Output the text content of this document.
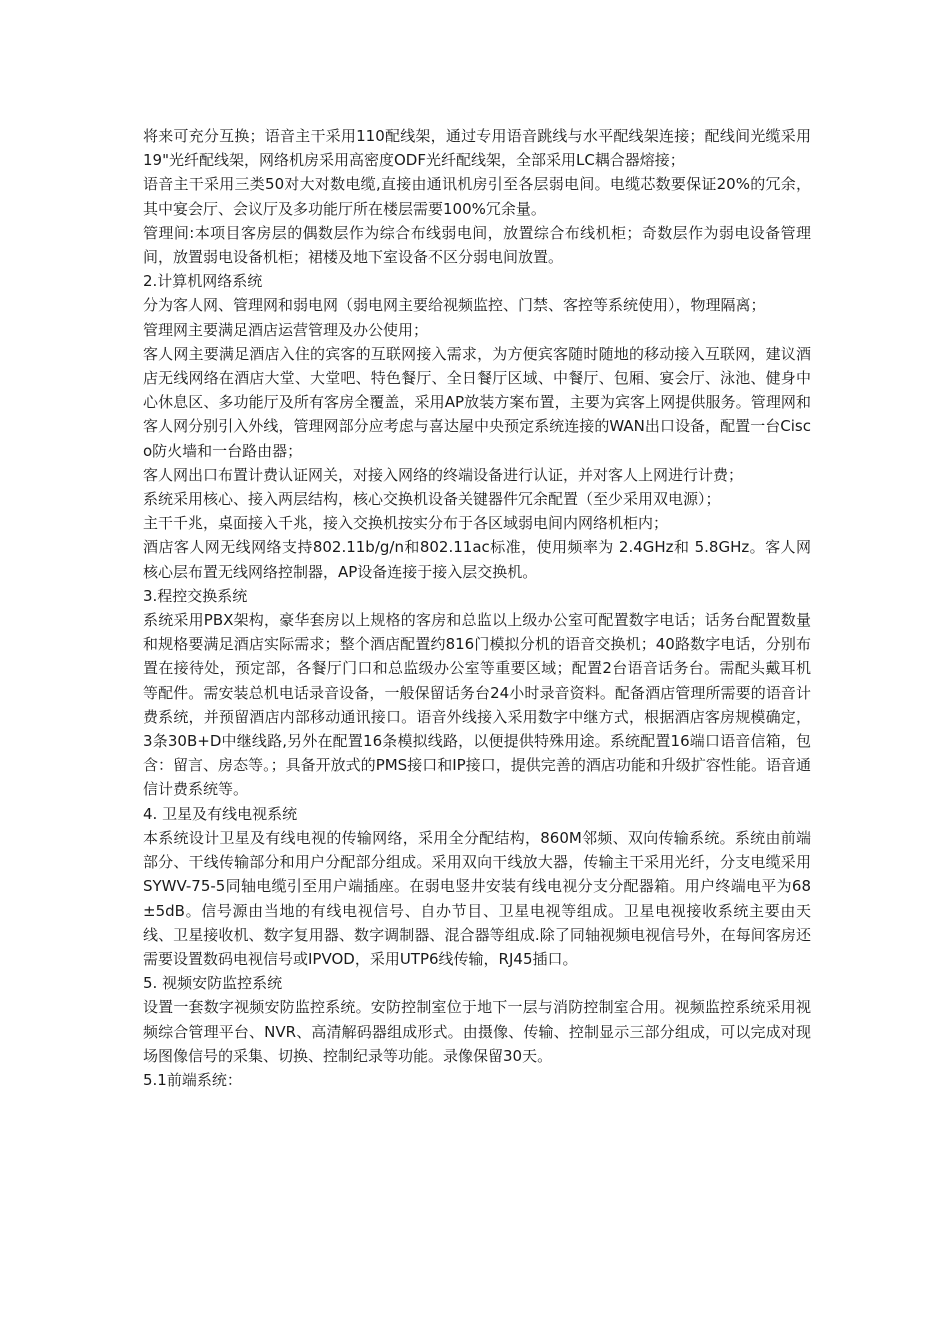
将来可充分互换；语音主干采用110配线架，通过专用语音跳线与水平配线架连接；配线间光缆采用19"光纤配线架，网络机房采用高密度ODF光纤配线架，全部采用LC耦合器熔接；

语音主干采用三类50对大对数电缆,直接由通讯机房引至各层弱电间。电缆芯数要保证20%的冗余，其中宴会厅、会议厅及多功能厅所在楼层需要100%冗余量。

管理间:本项目客房层的偶数层作为综合布线弱电间，放置综合布线机柜；奇数层作为弱电设备管理间，放置弱电设备机柜；裙楼及地下室设备不区分弱电间放置。

2.计算机网络系统

分为客人网、管理网和弱电网（弱电网主要给视频监控、门禁、客控等系统使用），物理隔离；

管理网主要满足酒店运营管理及办公使用；

客人网主要满足酒店入住的宾客的互联网接入需求，为方便宾客随时随地的移动接入互联网，建议酒店无线网络在酒店大堂、大堂吧、特色餐厅、全日餐厅区域、中餐厅、包厢、宴会厅、泳池、健身中心休息区、多功能厅及所有客房全覆盖，采用AP放装方案布置，主要为宾客上网提供服务。管理网和客人网分别引入外线，管理网部分应考虑与喜达屋中央预定系统连接的WAN出口设备，配置一台Cisco防火墙和一台路由器；

客人网出口布置计费认证网关，对接入网络的终端设备进行认证，并对客人上网进行计费；

系统采用核心、接入两层结构，核心交换机设备关键器件冗余配置（至少采用双电源）；

主干千兆，桌面接入千兆，接入交换机按实分布于各区域弱电间内网络机柜内；

酒店客人网无线网络支持802.11b/g/n和802.11ac标准，使用频率为 2.4GHz和 5.8GHz。客人网核心层布置无线网络控制器，AP设备连接于接入层交换机。

3.程控交换系统

系统采用PBX架构，豪华套房以上规格的客房和总监以上级办公室可配置数字电话；话务台配置数量和规格要满足酒店实际需求；整个酒店配置约816门模拟分机的语音交换机；40路数字电话，分别布置在接待处，预定部，各餐厅门口和总监级办公室等重要区域；配置2台语音话务台。需配头戴耳机等配件。需安装总机电话录音设备，一般保留话务台24小时录音资料。配备酒店管理所需要的语音计费系统，并预留酒店内部移动通讯接口。语音外线接入采用数字中继方式，根据酒店客房规模确定，3条30B+D中继线路,另外在配置16条模拟线路，以便提供特殊用途。系统配置16端口语音信箱，包含：留言、房态等。；具备开放式的PMS接口和IP接口，提供完善的酒店功能和升级扩容性能。语音通信计费系统等。

4. 卫星及有线电视系统

本系统设计卫星及有线电视的传输网络，采用全分配结构，860M邻频、双向传输系统。系统由前端部分、干线传输部分和用户分配部分组成。采用双向干线放大器，传输主干采用光纤，分支电缆采用SYWV-75-5同轴电缆引至用户端插座。在弱电竖井安装有线电视分支分配器箱。用户终端电平为68±5dB。信号源由当地的有线电视信号、自办节目、卫星电视等组成。卫星电视接收系统主要由天线、卫星接收机、数字复用器、数字调制器、混合器等组成.除了同轴视频电视信号外，在每间客房还需要设置数码电视信号或IPVOD，采用UTP6线传输，RJ45插口。

5. 视频安防监控系统

设置一套数字视频安防监控系统。安防控制室位于地下一层与消防控制室合用。视频监控系统采用视频综合管理平台、NVR、高清解码器组成形式。由摄像、传输、控制显示三部分组成，可以完成对现场图像信号的采集、切换、控制纪录等功能。录像保留30天。

5.1前端系统：
